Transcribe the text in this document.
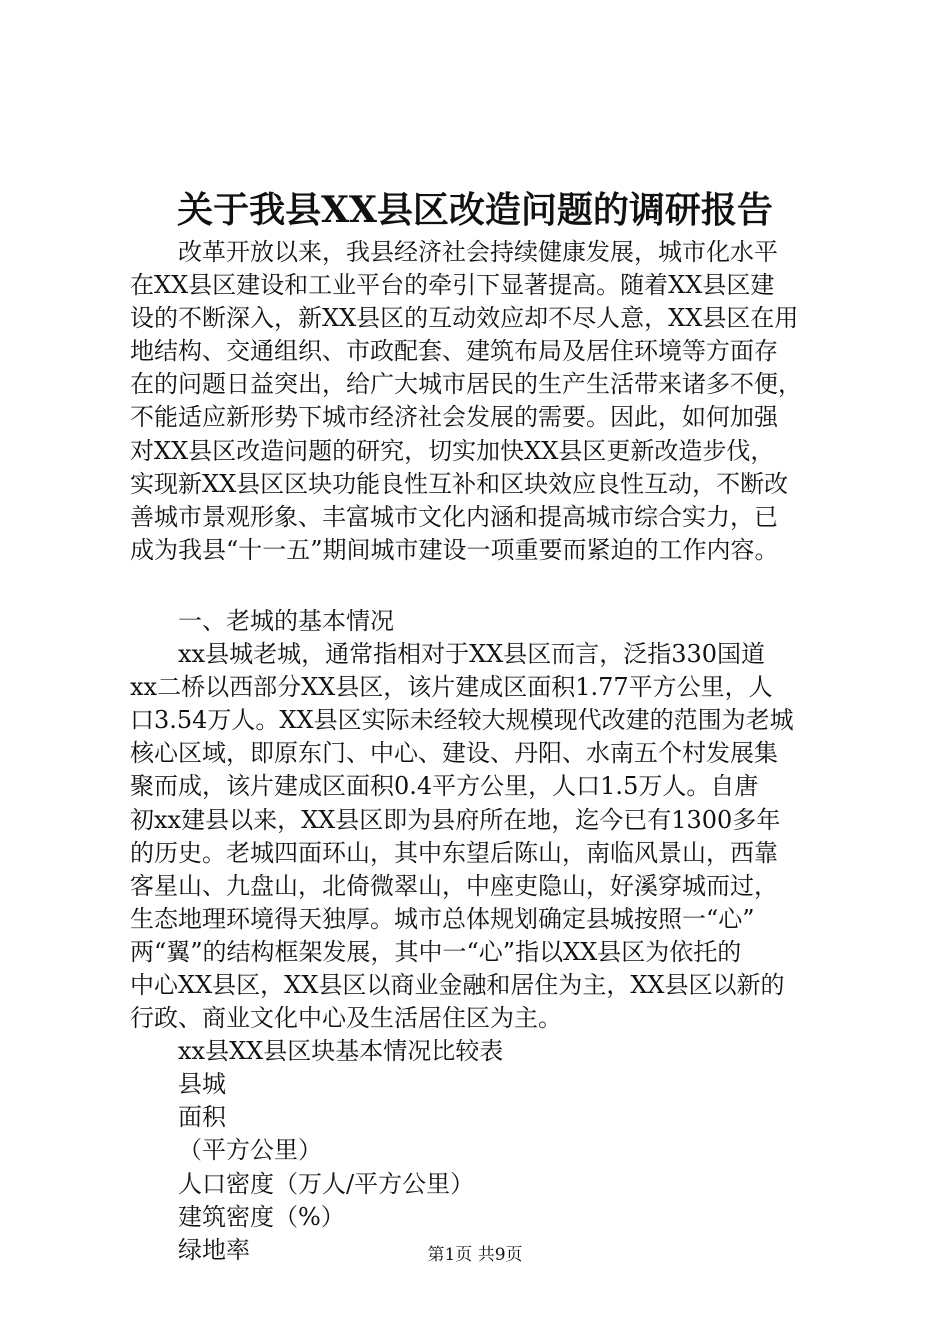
关于我县XX县区改造问题的调研报告
改革开放以来，我县经济社会持续健康发展，城市化水平
在XX县区建设和工业平台的牵引下显著提高。随着XX县区建
设的不断深入，新XX县区的互动效应却不尽人意，XX县区在用
地结构、交通组织、市政配套、建筑布局及居住环境等方面存
在的问题日益突出，给广大城市居民的生产生活带来诸多不便，
不能适应新形势下城市经济社会发展的需要。因此，如何加强
对XX县区改造问题的研究，切实加快XX县区更新改造步伐，
实现新XX县区区块功能良性互补和区块效应良性互动，不断改
善城市景观形象、丰富城市文化内涵和提高城市综合实力，已
成为我县“十一五”期间城市建设一项重要而紧迫的工作内容。
一、老城的基本情况
xx县城老城，通常指相对于XX县区而言，泛指330国道
xx二桥以西部分XX县区，该片建成区面积1.77平方公里，人
口3.54万人。XX县区实际未经较大规模现代改建的范围为老城
核心区域，即原东门、中心、建设、丹阳、水南五个村发展集
聚而成，该片建成区面积0.4平方公里，人口1.5万人。自唐
初xx建县以来，XX县区即为县府所在地，迄今已有1300多年
的历史。老城四面环山，其中东望后陈山，南临风景山，西靠
客星山、九盘山，北倚微翠山，中座吏隐山，好溪穿城而过，
生态地理环境得天独厚。城市总体规划确定县城按照一“心”
两“翼”的结构框架发展，其中一“心”指以XX县区为依托的
中心XX县区，XX县区以商业金融和居住为主，XX县区以新的
行政、商业文化中心及生活居住区为主。
xx县XX县区块基本情况比较表
县城
面积
（平方公里）
人口密度（万人/平方公里）
建筑密度（%）
绿地率	第1页 共9页
